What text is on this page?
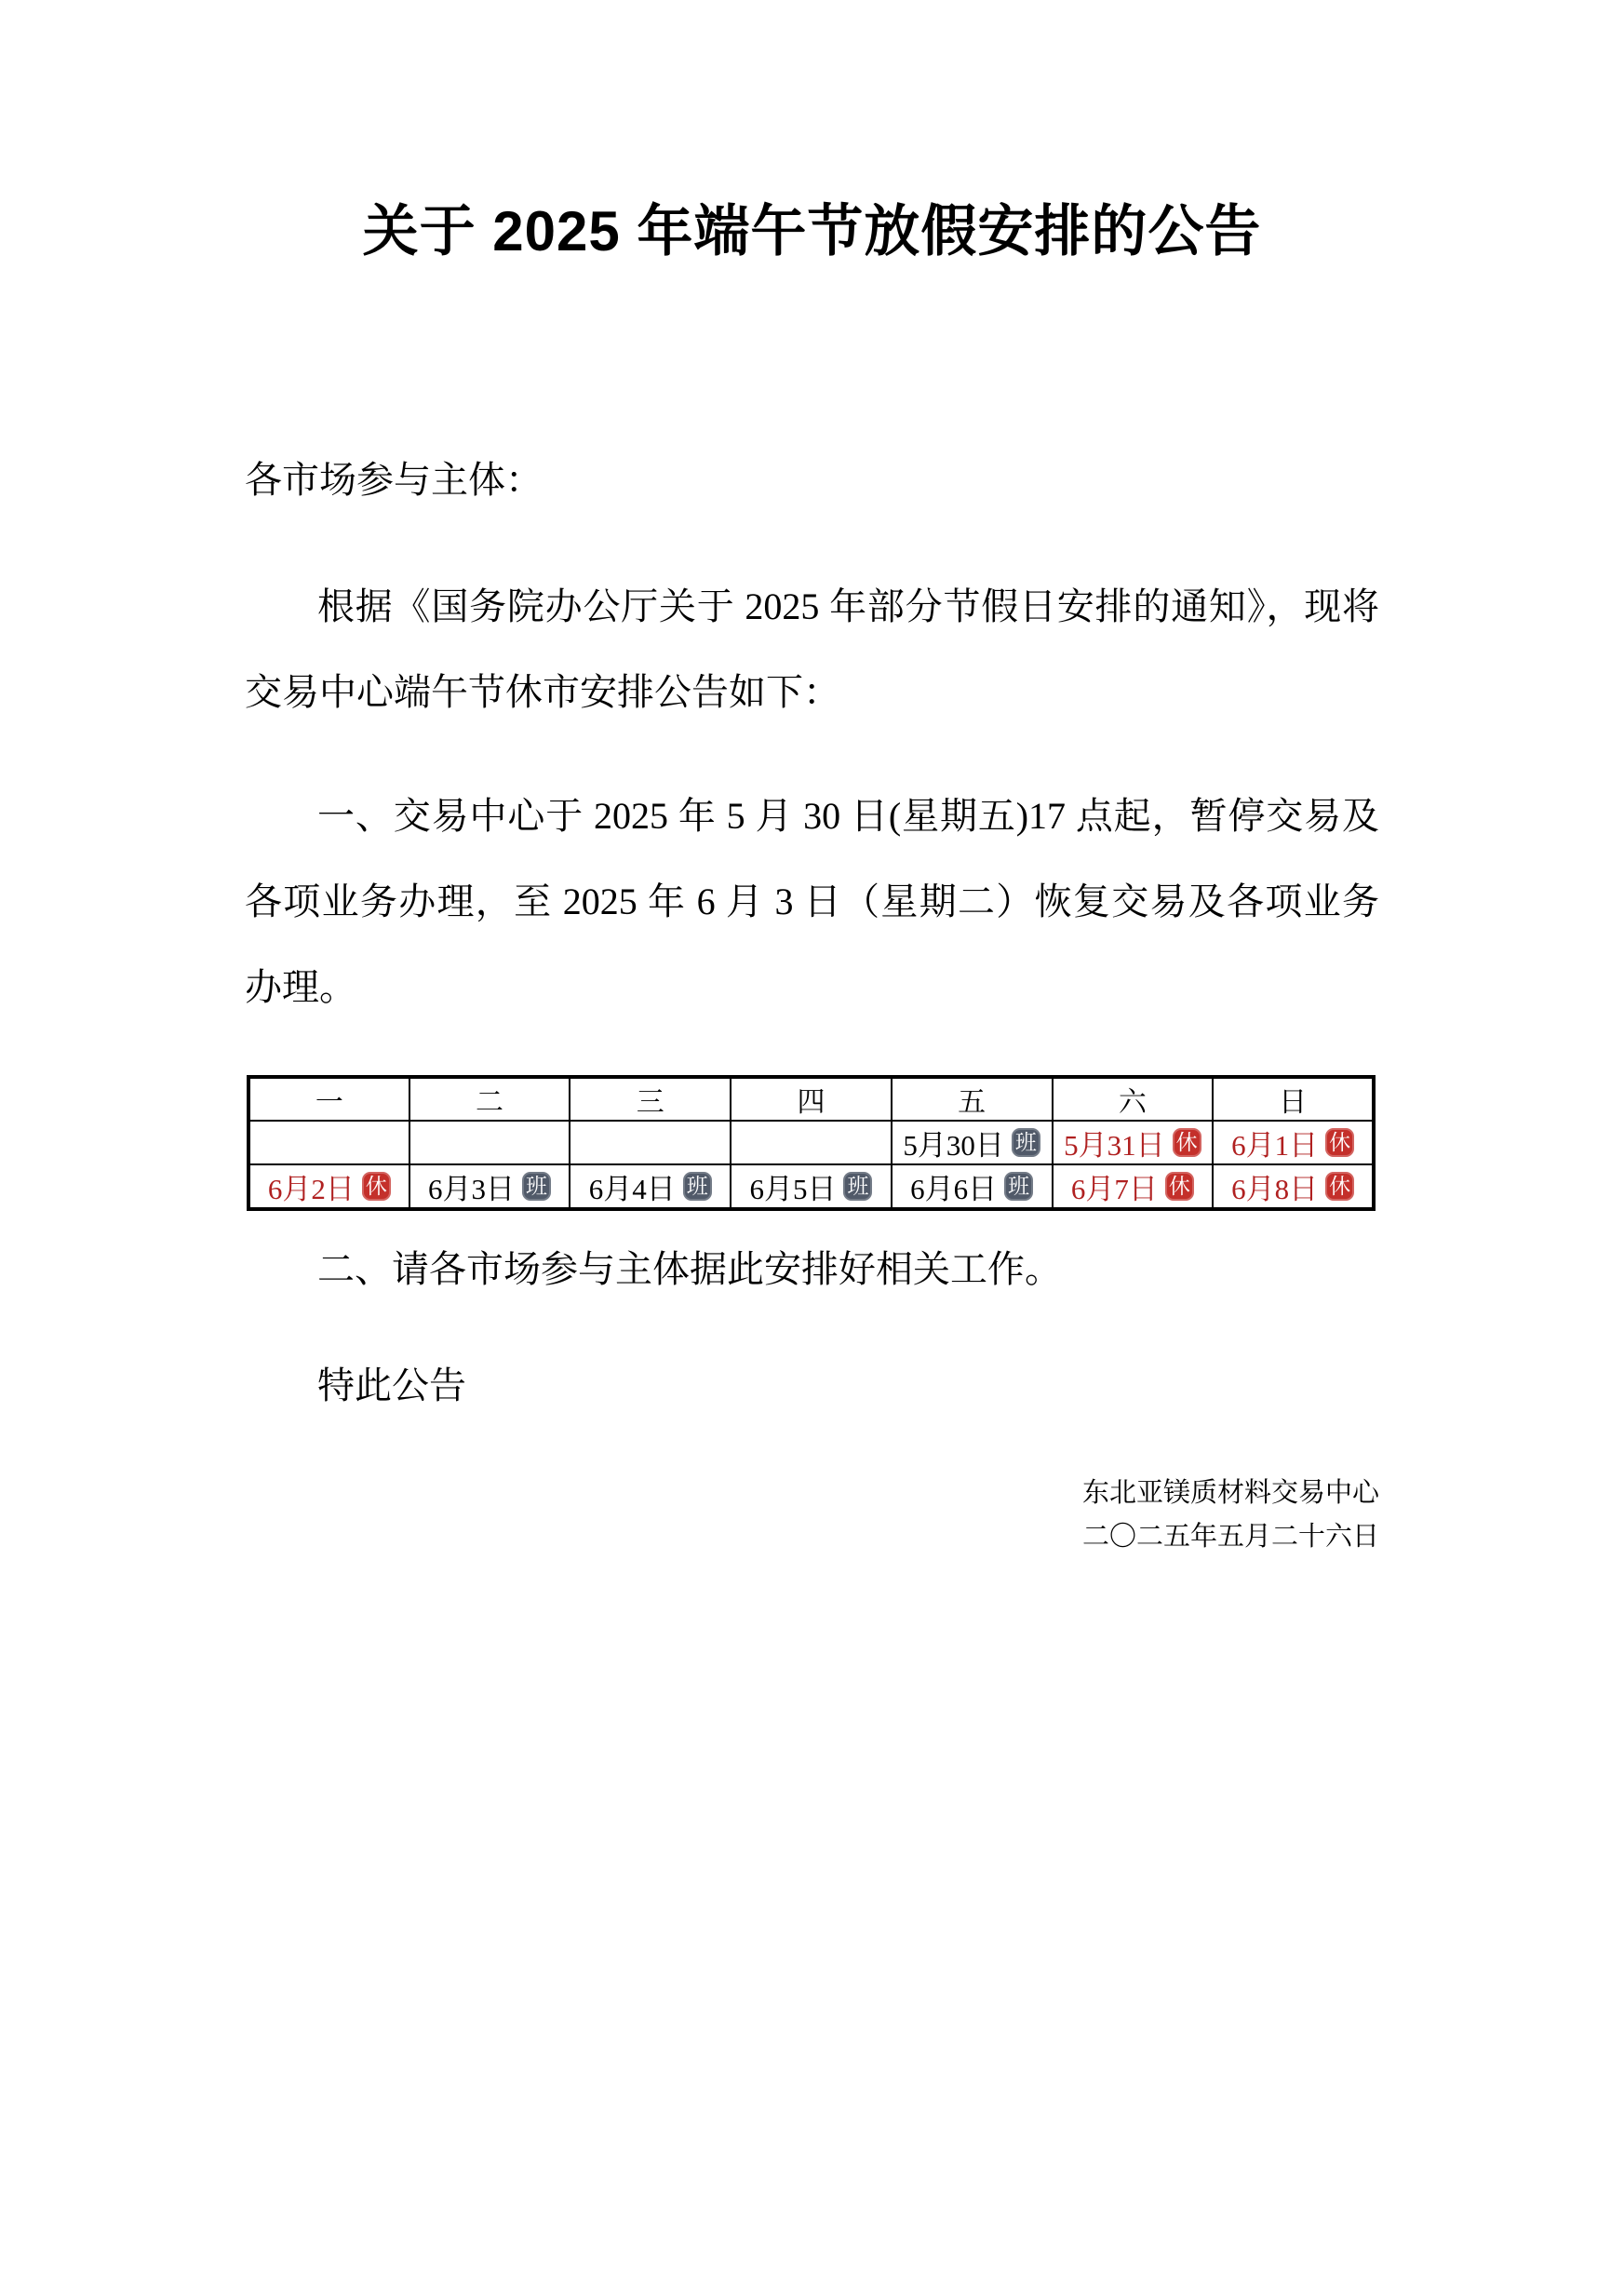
关于 2025 年端午节放假安排的公告

各市场参与主体：

根据《国务院办公厅关于 2025 年部分节假日安排的通知》，现将交易中心端午节休市安排公告如下：

一、交易中心于 2025 年 5 月 30 日(星期五)17 点起，暂停交易及各项业务办理，至 2025 年 6 月 3 日（星期二）恢复交易及各项业务办理。

一	二	三	四	五	六	日

				5月30日 班	5月31日 休	6月1日 休

6月2日 休	6月3日 班	6月4日 班	6月5日 班	6月6日 班	6月7日 休	6月8日 休

二、请各市场参与主体据此安排好相关工作。

特此公告

东北亚镁质材料交易中心
二〇二五年五月二十六日
